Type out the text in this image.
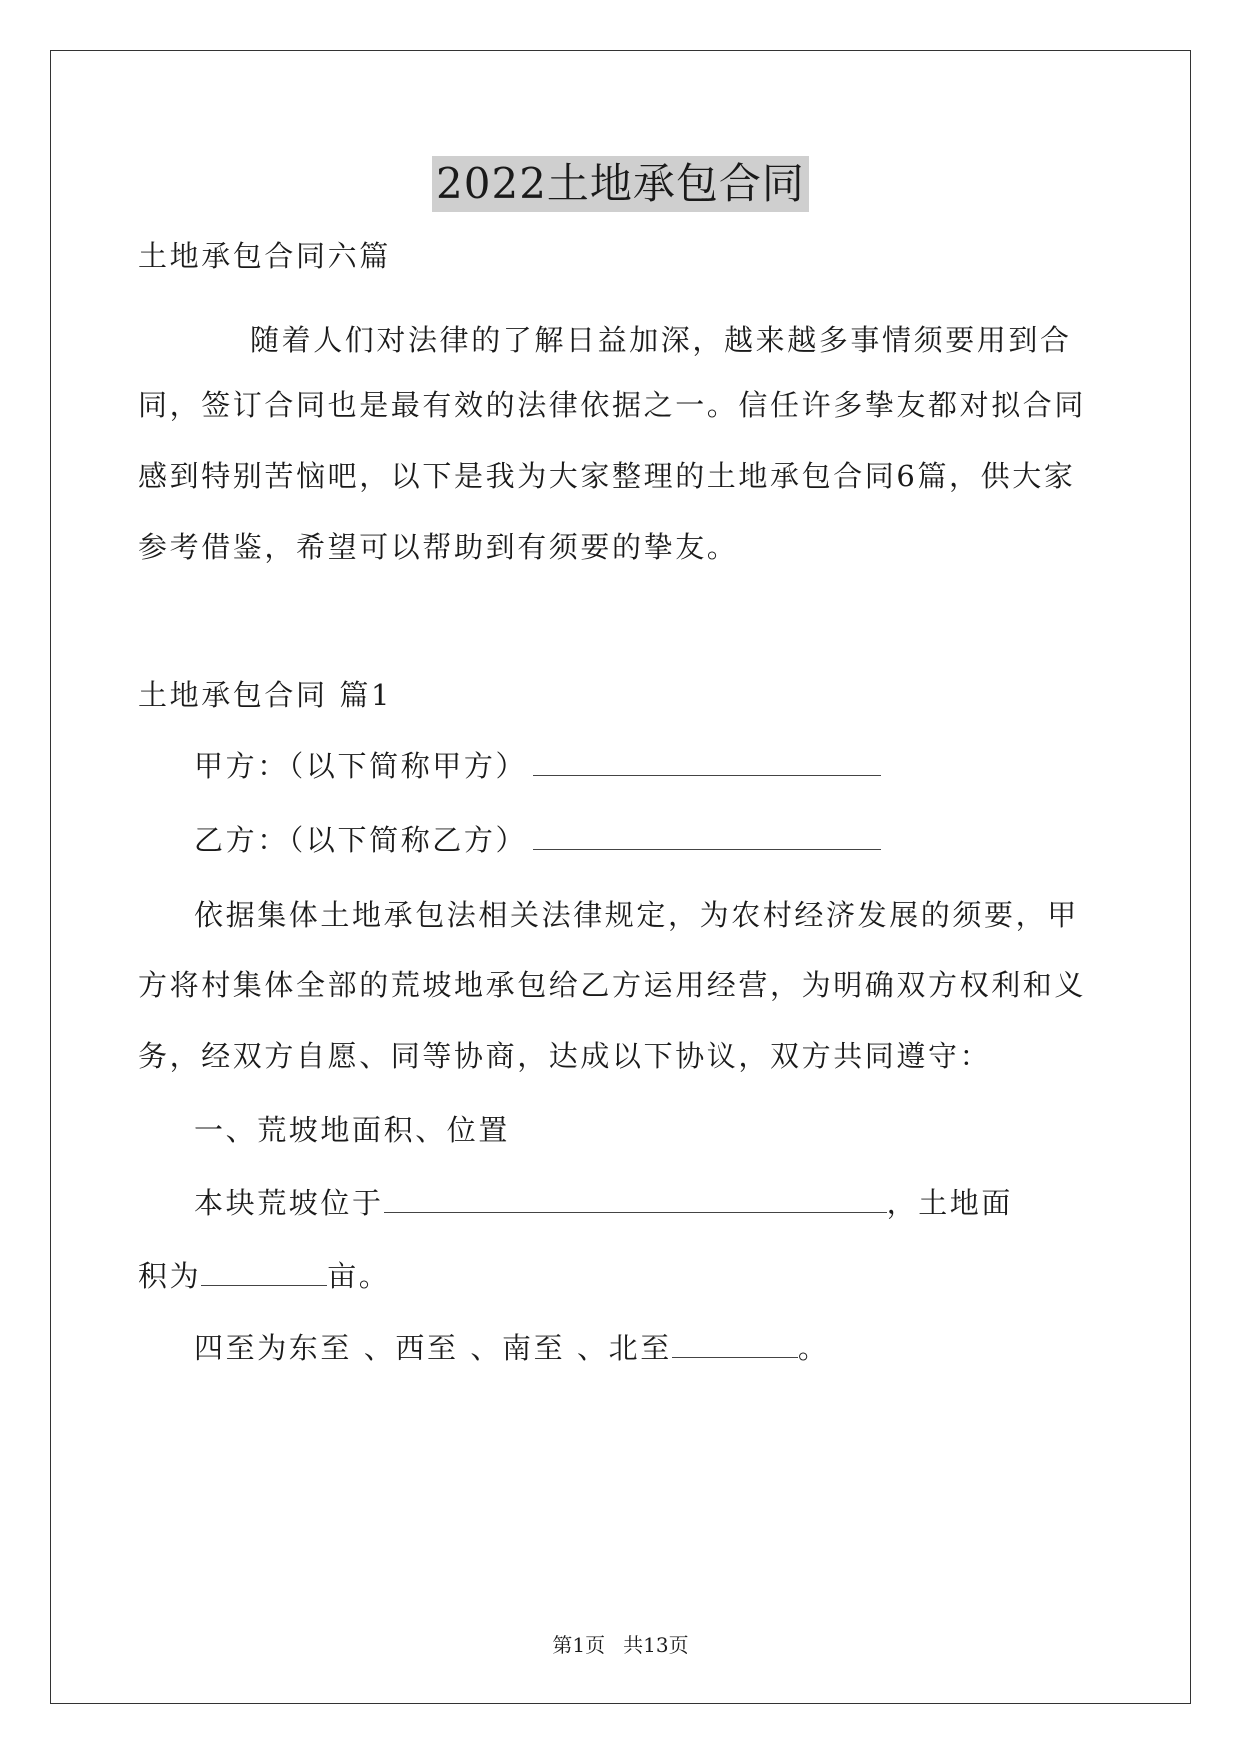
2022土地承包合同
土地承包合同六篇
随着人们对法律的了解日益加深，越来越多事情须要用到合
同，签订合同也是最有效的法律依据之一。信任许多挚友都对拟合同
感到特别苦恼吧，以下是我为大家整理的土地承包合同6篇，供大家
参考借鉴，希望可以帮助到有须要的挚友。
土地承包合同 篇1
甲方：（以下简称甲方）
乙方：（以下简称乙方）
依据集体土地承包法相关法律规定，为农村经济发展的须要，甲
方将村集体全部的荒坡地承包给乙方运用经营，为明确双方权利和义
务，经双方自愿、同等协商，达成以下协议，双方共同遵守：
一、荒坡地面积、位置
本块荒坡位于	，土地面
积为	亩。
四至为东至 、西至 、南至 、北至	。
第1页 共13页
